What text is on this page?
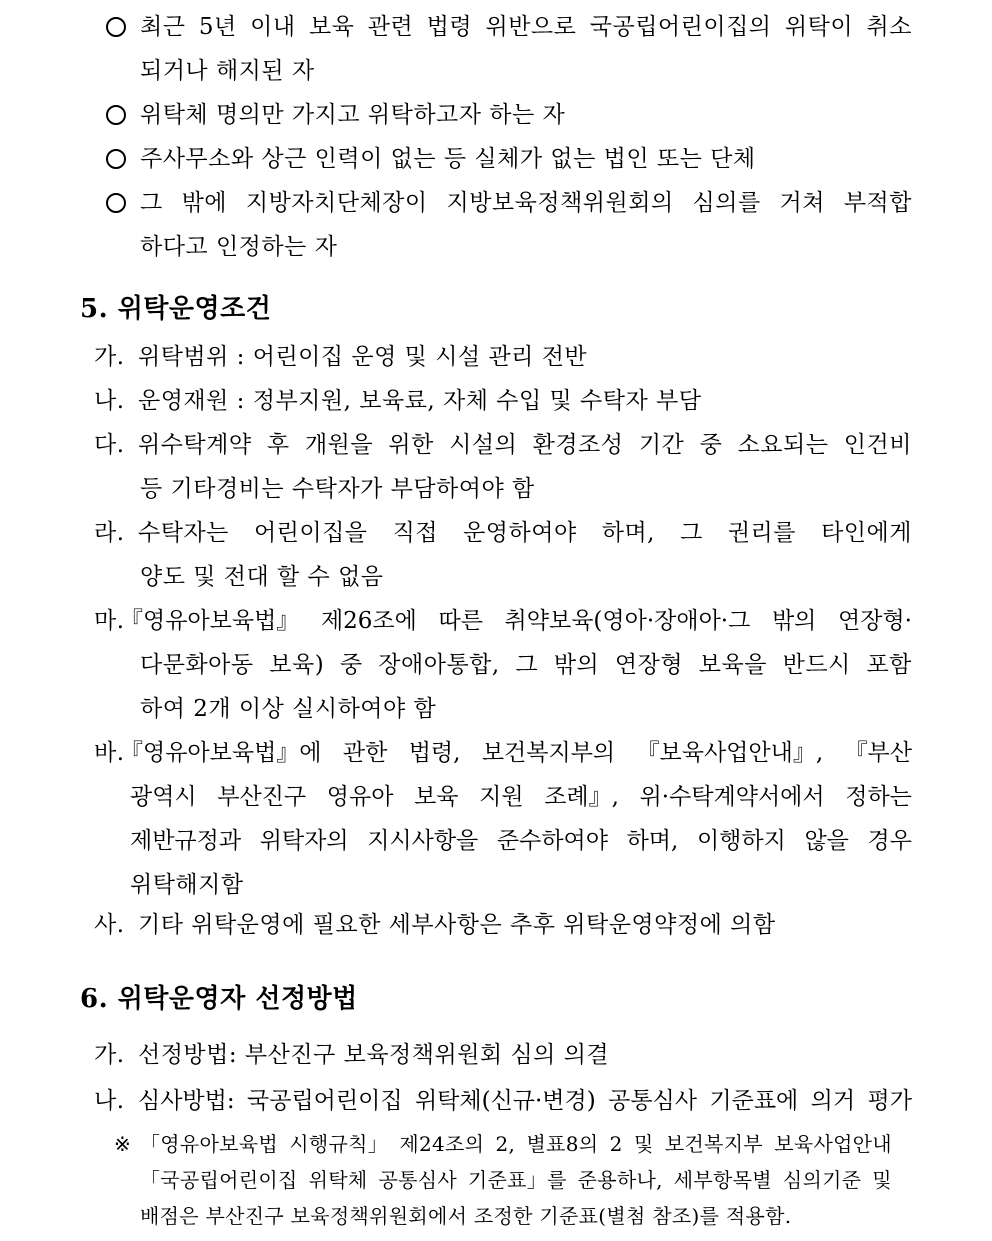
최근 5년 이내 보육 관련 법령 위반으로 국공립어린이집의 위탁이 취소
되거나 해지된 자
위탁체 명의만 가지고 위탁하고자 하는 자
주사무소와 상근 인력이 없는 등 실체가 없는 법인 또는 단체
그 밖에 지방자치단체장이 지방보육정책위원회의 심의를 거쳐 부적합
하다고 인정하는 자
5. 위탁운영조건
가. 위탁범위 : 어린이집 운영 및 시설 관리 전반
나. 운영재원 : 정부지원, 보육료, 자체 수입 및 수탁자 부담
다. 위수탁계약 후 개원을 위한 시설의 환경조성 기간 중 소요되는 인건비
등 기타경비는 수탁자가 부담하여야 함
라. 수탁자는 어린이집을 직접 운영하여야 하며, 그 권리를 타인에게
양도 및 전대 할 수 없음
마.
『영유아보육법』 제26조에 따른 취약보육(영아·장애아·그 밖의 연장형·
다문화아동 보육) 중 장애아통합, 그 밖의 연장형 보육을 반드시 포함
하여 2개 이상 실시하여야 함
바.
『영유아보육법』에 관한 법령, 보건복지부의 『보육사업안내』, 『부산
광역시 부산진구 영유아 보육 지원 조례』, 위·수탁계약서에서 정하는
제반규정과 위탁자의 지시사항을 준수하여야 하며, 이행하지 않을 경우
위탁해지함
사. 기타 위탁운영에 필요한 세부사항은 추후 위탁운영약정에 의함
6. 위탁운영자 선정방법
가. 선정방법: 부산진구 보육정책위원회 심의 의결
나. 심사방법: 국공립어린이집 위탁체(신규·변경) 공통심사 기준표에 의거 평가
※ 「영유아보육법 시행규칙」 제24조의 2, 별표8의 2 및 보건복지부 보육사업안내
「국공립어린이집 위탁체 공통심사 기준표」를 준용하나, 세부항목별 심의기준 및
배점은 부산진구 보육정책위원회에서 조정한 기준표(별첨 참조)를 적용함.
